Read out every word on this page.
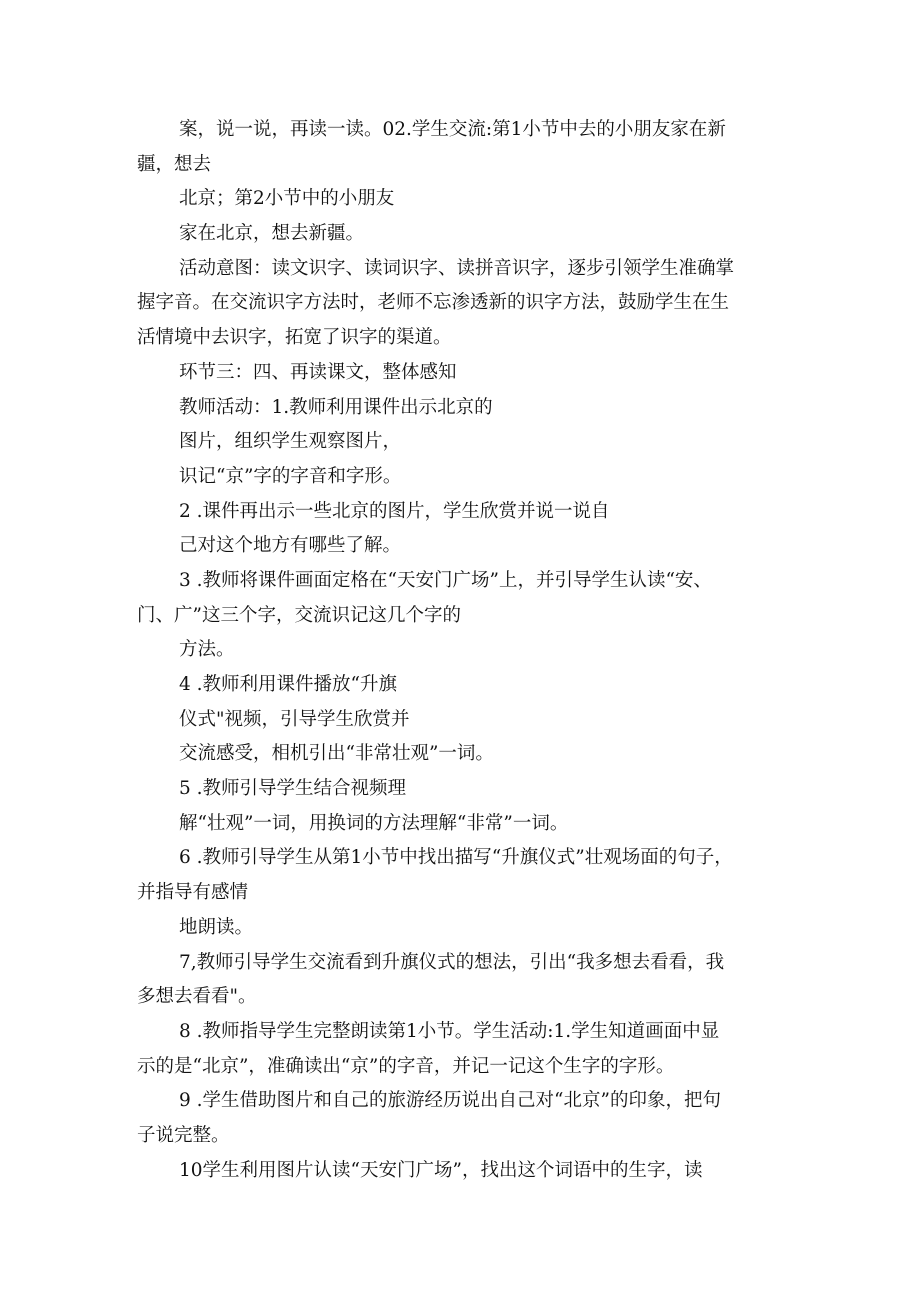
案，说一说，再读一读。02.学生交流:第1小节中去的小朋友家在新
疆，想去
北京；第2小节中的小朋友
家在北京，想去新疆。
活动意图：读文识字、读词识字、读拼音识字，逐步引领学生准确掌
握字音。在交流识字方法时，老师不忘渗透新的识字方法，鼓励学生在生
活情境中去识字，拓宽了识字的渠道。
环节三：四、再读课文，整体感知
教师活动：1.教师利用课件出示北京的
图片，组织学生观察图片，
识记“京”字的字音和字形。
2 .课件再出示一些北京的图片，学生欣赏并说一说自
己对这个地方有哪些了解。
3 .教师将课件画面定格在“天安门广场”上，并引导学生认读“安、
门、广”这三个字，交流识记这几个字的
方法。
4 .教师利用课件播放“升旗
仪式"视频，引导学生欣赏并
交流感受，相机引出“非常壮观”一词。
5 .教师引导学生结合视频理
解“壮观”一词，用换词的方法理解“非常”一词。
6 .教师引导学生从第1小节中找出描写“升旗仪式”壮观场面的句子，
并指导有感情
地朗读。
7,教师引导学生交流看到升旗仪式的想法，引出“我多想去看看，我
多想去看看"。
8 .教师指导学生完整朗读第1小节。学生活动:1.学生知道画面中显
示的是“北京”，准确读出“京”的字音，并记一记这个生字的字形。
9 .学生借助图片和自己的旅游经历说出自己对“北京”的印象，把句
子说完整。
10学生利用图片认读“天安门广场”，找出这个词语中的生字，读
